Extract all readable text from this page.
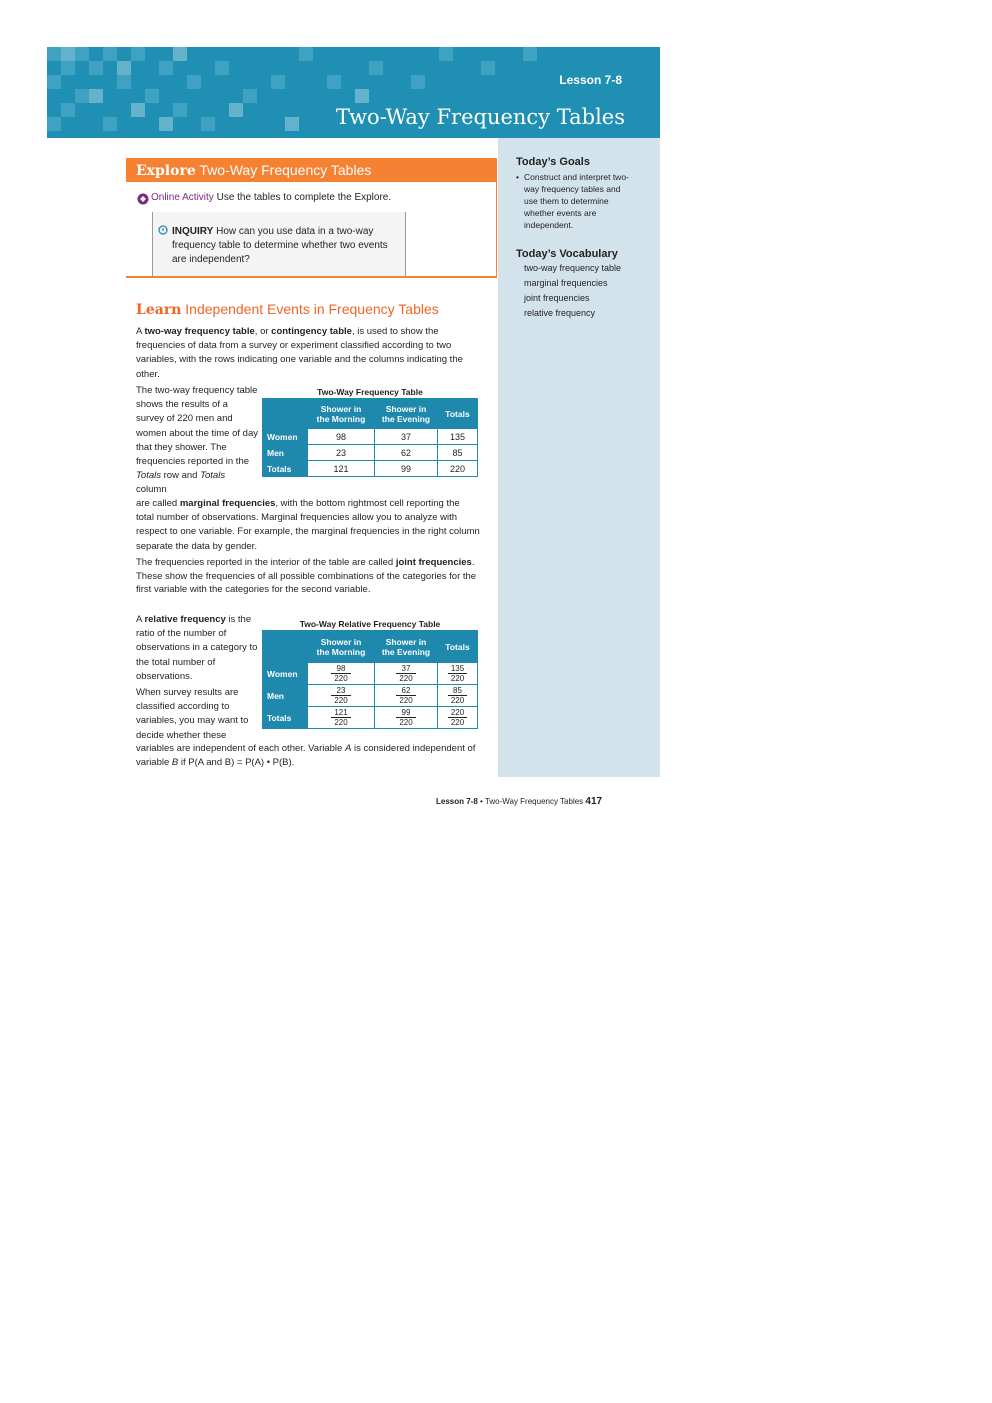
Lesson 7-8
Two-Way Frequency Tables
Today’s Goals
• Construct and interpret two-way frequency tables and use them to determine whether events are independent.
Today’s Vocabulary
two-way frequency table
marginal frequencies
joint frequencies
relative frequency
Explore Two-Way Frequency Tables
Online Activity Use the tables to complete the Explore.
INQUIRY How can you use data in a two-way frequency table to determine whether two events are independent?
Learn Independent Events in Frequency Tables
A two-way frequency table, or contingency table, is used to show the frequencies of data from a survey or experiment classified according to two variables, with the rows indicating one variable and the columns indicating the other.
The two-way frequency table shows the results of a survey of 220 men and women about the time of day that they shower. The frequencies reported in the Totals row and Totals column
Two-Way Frequency Table
	Shower in
the Morning	Shower in
the Evening	Totals
Women	98	37	135
Men	23	62	85
Totals	121	99	220
are called marginal frequencies, with the bottom rightmost cell reporting the total number of observations. Marginal frequencies allow you to analyze with respect to one variable. For example, the marginal frequencies in the right column separate the data by gender.
The frequencies reported in the interior of the table are called joint frequencies. These show the frequencies of all possible combinations of the categories for the first variable with the categories for the second variable.
A relative frequency is the ratio of the number of observations in a category to the total number of observations.
When survey results are classified according to variables, you may want to decide whether these
Two-Way Relative Frequency Table
	Shower in
the Morning	Shower in
the Evening	Totals
Women	$\frac{98}{220}$	$\frac{37}{220}$	$\frac{135}{220}$

Men	$\frac{23}{220}$	$\frac{62}{220}$	$\frac{85}{220}$

Totals	$\frac{121}{220}$	$\frac{99}{220}$	$\frac{220}{220}$
variables are independent of each other. Variable A is considered independent of variable B if P(A and B) = P(A) • P(B).
Lesson 7-8 • Two-Way Frequency Tables 417
